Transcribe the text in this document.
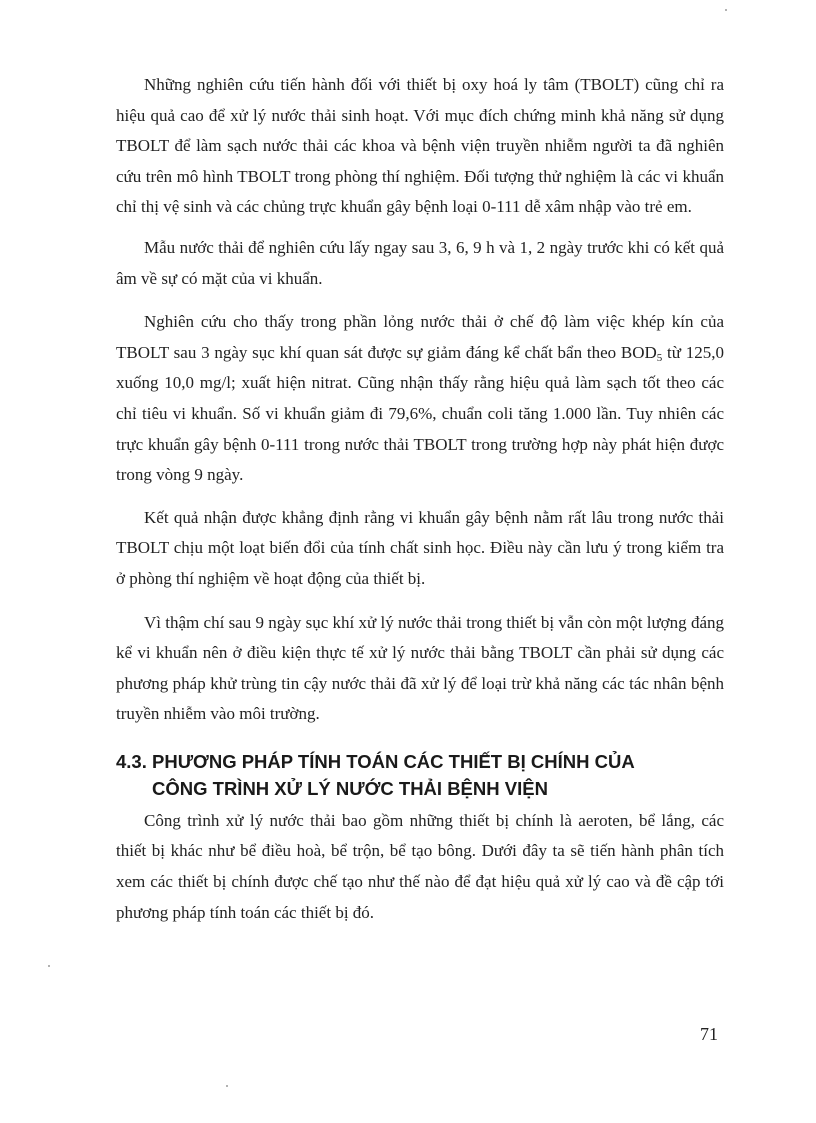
Những nghiên cứu tiến hành đối với thiết bị oxy hoá ly tâm (TBOLT) cũng chỉ ra hiệu quả cao để xử lý nước thải sinh hoạt. Với mục đích chứng minh khả năng sử dụng TBOLT để làm sạch nước thải các khoa và bệnh viện truyền nhiễm người ta đã nghiên cứu trên mô hình TBOLT trong phòng thí nghiệm. Đối tượng thử nghiệm là các vi khuẩn chỉ thị vệ sinh và các chủng trực khuẩn gây bệnh loại 0-111 dễ xâm nhập vào trẻ em.

Mẫu nước thải để nghiên cứu lấy ngay sau 3, 6, 9 h và 1, 2 ngày trước khi có kết quả âm về sự có mặt của vi khuẩn.

Nghiên cứu cho thấy trong phần lỏng nước thải ở chế độ làm việc khép kín của TBOLT sau 3 ngày sục khí quan sát được sự giảm đáng kể chất bẩn theo $BOD_5$ từ 125,0 xuống 10,0 mg/l; xuất hiện nitrat. Cũng nhận thấy rằng hiệu quả làm sạch tốt theo các chỉ tiêu vi khuẩn. Số vi khuẩn giảm đi 79,6%, chuẩn coli tăng 1.000 lần. Tuy nhiên các trực khuẩn gây bệnh 0-111 trong nước thải TBOLT trong trường hợp này phát hiện được trong vòng 9 ngày.

Kết quả nhận được khẳng định rằng vi khuẩn gây bệnh nằm rất lâu trong nước thải TBOLT chịu một loạt biến đổi của tính chất sinh học. Điều này cần lưu ý trong kiểm tra ở phòng thí nghiệm về hoạt động của thiết bị.

Vì thậm chí sau 9 ngày sục khí xử lý nước thải trong thiết bị vẫn còn một lượng đáng kể vi khuẩn nên ở điều kiện thực tế xử lý nước thải bằng TBOLT cần phải sử dụng các phương pháp khử trùng tin cậy nước thải đã xử lý để loại trừ khả năng các tác nhân bệnh truyền nhiễm vào môi trường.

4.3. PHƯƠNG PHÁP TÍNH TOÁN CÁC THIẾT BỊ CHÍNH CỦA
CÔNG TRÌNH XỬ LÝ NƯỚC THẢI BỆNH VIỆN

Công trình xử lý nước thải bao gồm những thiết bị chính là aeroten, bể lắng, các thiết bị khác như bể điều hoà, bể trộn, bể tạo bông. Dưới đây ta sẽ tiến hành phân tích xem các thiết bị chính được chế tạo như thế nào để đạt hiệu quả xử lý cao và đề cập tới phương pháp tính toán các thiết bị đó.

71
